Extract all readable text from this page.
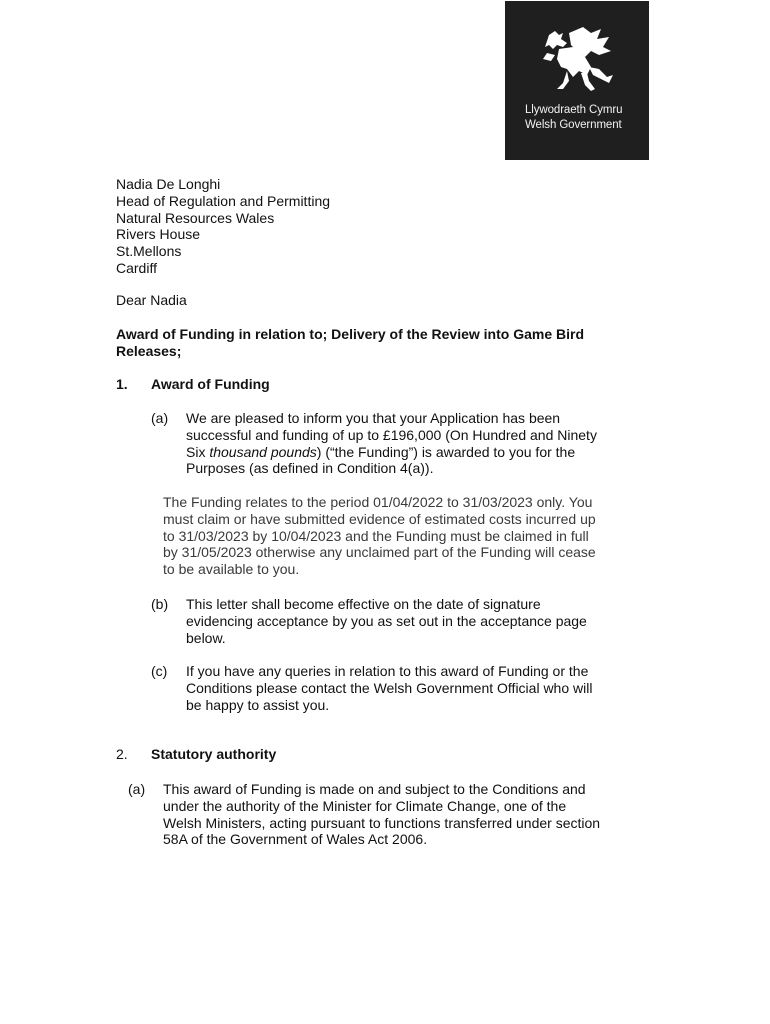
Llywodraeth Cymru
Welsh Government
Nadia De Longhi
Head of Regulation and Permitting
Natural Resources Wales
Rivers House
St.Mellons
Cardiff
Dear Nadia
Award of Funding in relation to; Delivery of the Review into Game Bird
Releases;
1. Award of Funding
(a) We are pleased to inform you that your Application has been
successful and funding of up to £196,000 (On Hundred and Ninety
Six thousand pounds) (“the Funding”) is awarded to you for the
Purposes (as defined in Condition 4(a)).
The Funding relates to the period 01/04/2022 to 31/03/2023 only. You
must claim or have submitted evidence of estimated costs incurred up
to 31/03/2023 by 10/04/2023 and the Funding must be claimed in full
by 31/05/2023 otherwise any unclaimed part of the Funding will cease
to be available to you.
(b) This letter shall become effective on the date of signature
evidencing acceptance by you as set out in the acceptance page
below.
(c) If you have any queries in relation to this award of Funding or the
Conditions please contact the Welsh Government Official who will
be happy to assist you.
2. Statutory authority
(a) This award of Funding is made on and subject to the Conditions and
under the authority of the Minister for Climate Change, one of the
Welsh Ministers, acting pursuant to functions transferred under section
58A of the Government of Wales Act 2006.
